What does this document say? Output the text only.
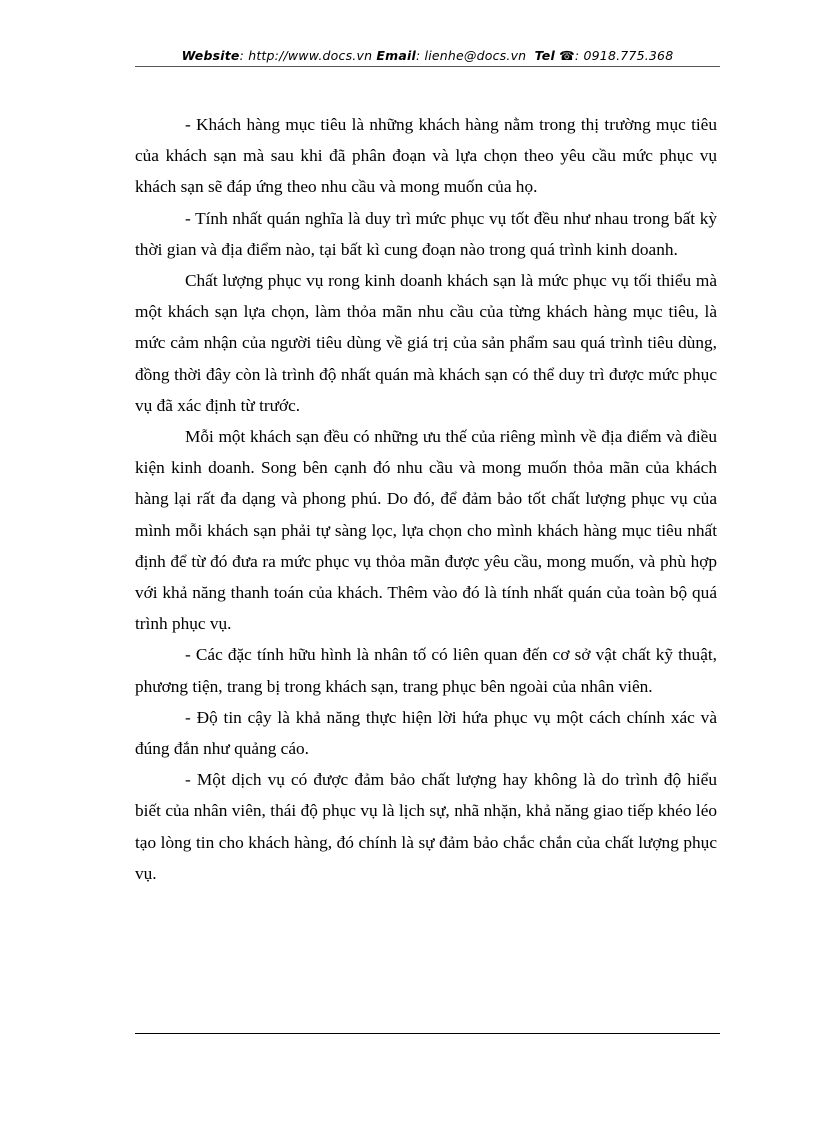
Website: http://www.docs.vn Email: lienhe@docs.vn Tel ☎: 0918.775.368

- Khách hàng mục tiêu là những khách hàng nằm trong thị trường mục tiêu của khách sạn mà sau khi đã phân đoạn và lựa chọn theo yêu cầu mức phục vụ khách sạn sẽ đáp ứng theo nhu cầu và mong muốn của họ.

- Tính nhất quán nghĩa là duy trì mức phục vụ tốt đều như nhau trong bất kỳ thời gian và địa điểm nào, tại bất kì cung đoạn nào trong quá trình kinh doanh.

Chất lượng phục vụ rong kinh doanh khách sạn là mức phục vụ tối thiểu mà một khách sạn lựa chọn, làm thỏa mãn nhu cầu của từng khách hàng mục tiêu, là mức cảm nhận của người tiêu dùng về giá trị của sản phẩm sau quá trình tiêu dùng, đồng thời đây còn là trình độ nhất quán mà khách sạn có thể duy trì được mức phục vụ đã xác định từ trước.

Mỗi một khách sạn đều có những ưu thế của riêng mình về địa điểm và điều kiện kinh doanh. Song bên cạnh đó nhu cầu và mong muốn thỏa mãn của khách hàng lại rất đa dạng và phong phú. Do đó, để đảm bảo tốt chất lượng phục vụ của mình mỗi khách sạn phải tự sàng lọc, lựa chọn cho mình khách hàng mục tiêu nhất định để từ đó đưa ra mức phục vụ thỏa mãn được yêu cầu, mong muốn, và phù hợp với khả năng thanh toán của khách. Thêm vào đó là tính nhất quán của toàn bộ quá trình phục vụ.

- Các đặc tính hữu hình là nhân tố có liên quan đến cơ sở vật chất kỹ thuật, phương tiện, trang bị trong khách sạn, trang phục bên ngoài của nhân viên.

- Độ tin cậy là khả năng thực hiện lời hứa phục vụ một cách chính xác và đúng đắn như quảng cáo.

- Một dịch vụ có được đảm bảo chất lượng hay không là do trình độ hiểu biết của nhân viên, thái độ phục vụ là lịch sự, nhã nhặn, khả năng giao tiếp khéo léo tạo lòng tin cho khách hàng, đó chính là sự đảm bảo chắc chắn của chất lượng phục vụ.
